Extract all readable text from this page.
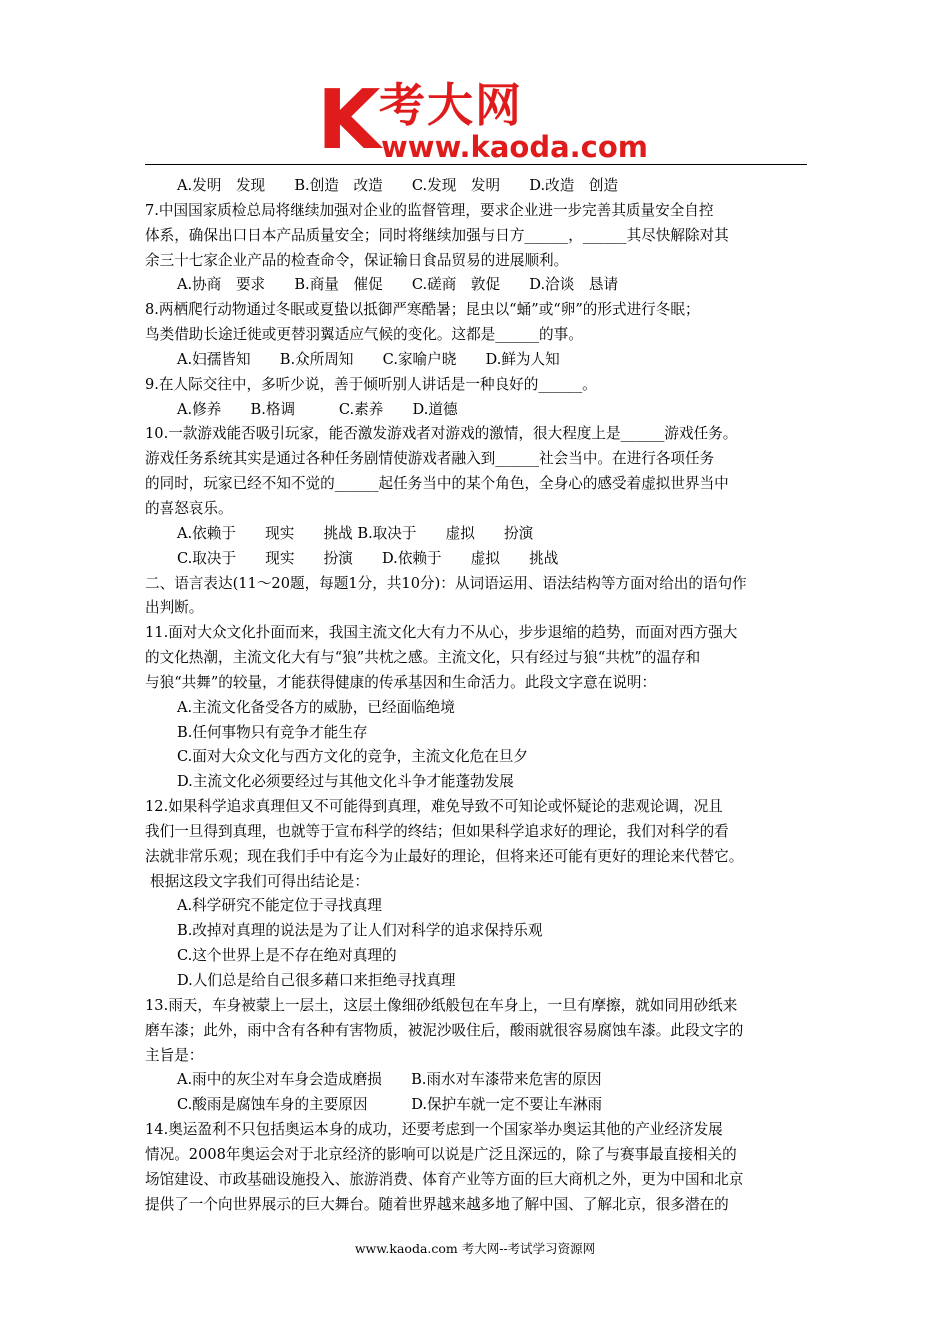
K 考大网
www.kaoda.com
A.发明　发现　　B.创造　改造　　C.发现　发明　　D.改造　创造
7.中国国家质检总局将继续加强对企业的监督管理，要求企业进一步完善其质量安全自控
体系，确保出口日本产品质量安全；同时将继续加强与日方______，______其尽快解除对其
余三十七家企业产品的检查命令，保证输日食品贸易的进展顺利。
A.协商　要求　　B.商量　催促　　C.磋商　敦促　　D.洽谈　恳请
8.两栖爬行动物通过冬眠或夏蛰以抵御严寒酷暑；昆虫以“蛹”或“卵”的形式进行冬眠；
鸟类借助长途迁徙或更替羽翼适应气候的变化。这都是______的事。
A.妇孺皆知　　B.众所周知　　C.家喻户晓　　D.鲜为人知
9.在人际交往中，多听少说，善于倾听别人讲话是一种良好的______。
A.修养　　B.格调　　　C.素养　　D.道德
10.一款游戏能否吸引玩家，能否激发游戏者对游戏的激情，很大程度上是______游戏任务。
游戏任务系统其实是通过各种任务剧情使游戏者融入到______社会当中。在进行各项任务
的同时，玩家已经不知不觉的______起任务当中的某个角色，全身心的感受着虚拟世界当中
的喜怒哀乐。
A.依赖于　　现实　　挑战 B.取决于　　虚拟　　扮演
C.取决于　　现实　　扮演　　D.依赖于　　虚拟　　挑战
二、语言表达(11～20题，每题1分，共10分)：从词语运用、语法结构等方面对给出的语句作
出判断。
11.面对大众文化扑面而来，我国主流文化大有力不从心，步步退缩的趋势，而面对西方强大
的文化热潮，主流文化大有与“狼”共枕之感。主流文化，只有经过与狼“共枕”的温存和
与狼“共舞”的较量，才能获得健康的传承基因和生命活力。此段文字意在说明：
A.主流文化备受各方的威胁，已经面临绝境
B.任何事物只有竞争才能生存
C.面对大众文化与西方文化的竞争，主流文化危在旦夕
D.主流文化必须要经过与其他文化斗争才能蓬勃发展
12.如果科学追求真理但又不可能得到真理，难免导致不可知论或怀疑论的悲观论调，况且
我们一旦得到真理，也就等于宣布科学的终结；但如果科学追求好的理论，我们对科学的看
法就非常乐观；现在我们手中有迄今为止最好的理论，但将来还可能有更好的理论来代替它。
根据这段文字我们可得出结论是：
A.科学研究不能定位于寻找真理
B.改掉对真理的说法是为了让人们对科学的追求保持乐观
C.这个世界上是不存在绝对真理的
D.人们总是给自己很多藉口来拒绝寻找真理
13.雨天，车身被蒙上一层土，这层土像细砂纸般包在车身上，一旦有摩擦，就如同用砂纸来
磨车漆；此外，雨中含有各种有害物质，被泥沙吸住后，酸雨就很容易腐蚀车漆。此段文字的
主旨是：
A.雨中的灰尘对车身会造成磨损　　B.雨水对车漆带来危害的原因
C.酸雨是腐蚀车身的主要原因　　　D.保护车就一定不要让车淋雨
14.奥运盈利不只包括奥运本身的成功，还要考虑到一个国家举办奥运其他的产业经济发展
情况。2008年奥运会对于北京经济的影响可以说是广泛且深远的，除了与赛事最直接相关的
场馆建设、市政基础设施投入、旅游消费、体育产业等方面的巨大商机之外，更为中国和北京
提供了一个向世界展示的巨大舞台。随着世界越来越多地了解中国、了解北京，很多潜在的
www.kaoda.com 考大网--考试学习资源网
